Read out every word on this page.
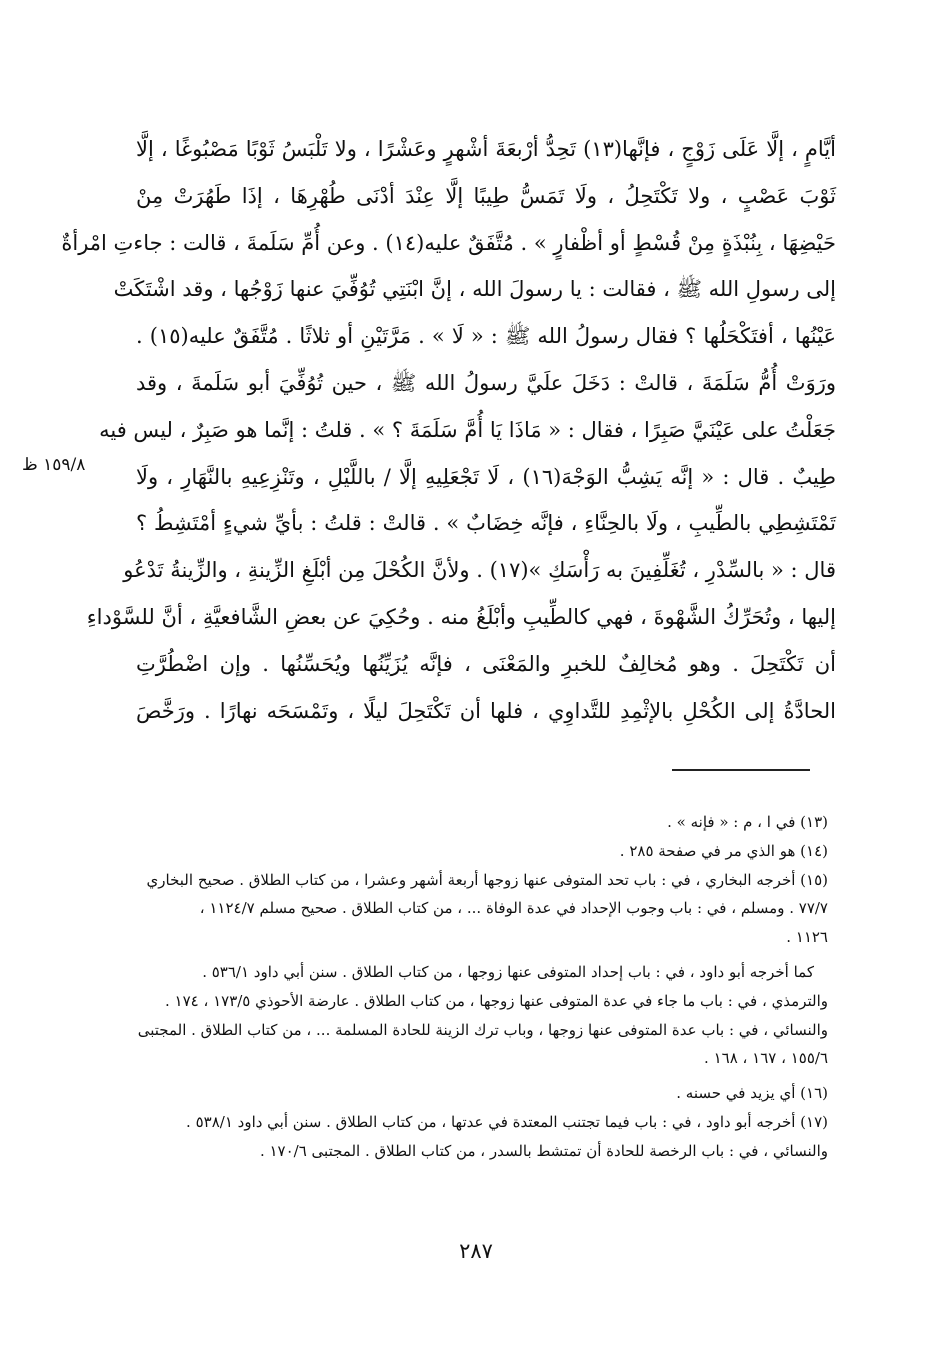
أيَّامٍ ، إلَّا عَلَى زَوْجٍ ، فإنَّها(١٣) تَحِدُّ أرْبعَةَ أشْهرٍ وعَشْرًا ، ولا تَلْبَسُ ثَوْبًا مَصْبُوغًا ، إلَّا
ثَوْبَ عَصْبٍ ، ولا تَكْتَحِلُ ، ولَا تَمَسُّ طِيبًا إلَّا عِنْدَ أدْنَى طُهْرِهَا ، إذَا طَهُرَتْ مِنْ
حَيْضِهَا ، بِنُبْذَةٍ مِنْ قُسْطٍ أو أظْفارٍ » . مُتَّفَقٌ عليه(١٤) . وعن أُمِّ سَلَمةَ ، قالت : جاءتِ امْرأةٌ
إلى رسولِ الله ﷺ ، فقالت : يا رسولَ الله ، إنَّ ابْنَتِي تُوُفِّيَ عنها زَوْجُها ، وقد اشْتَكَتْ
عَيْنُها ، أفتَكْحَلُها ؟ فقال رسولُ الله ﷺ : « لَا » . مَرَّتَيْنِ أو ثلاثًا . مُتَّفَقٌ عليه(١٥) .
ورَوَتْ أُمُّ سَلَمَةَ ، قالتْ : دَخَلَ علَيَّ رسولُ الله ﷺ ، حين تُوُفِّيَ أبو سَلَمةَ ، وقد
جَعَلْتُ على عَيْنَيَّ صَبِرًا ، فقال : « مَاذَا يَا أُمَّ سَلَمَةَ ؟ » . قلتُ : إنَّما هو صَبِرٌ ، ليس فيه
طِيبٌ . قال : « إنَّه يَشِبُّ الوَجْهَ(١٦) ، لَا تَجْعَلِيهِ إلَّا / باللَّيْلِ ، وتَنْزِعِيهِ بالنَّهَارِ ، ولَا
تَمْتَشِطِي بالطِّيبِ ، ولَا بالحِنَّاءِ ، فإنَّه خِضَابٌ » . قالتْ : قلتُ : بأيِّ شيءٍ أمْتَشِطُ ؟
قال : « بالسِّدْرِ ، تُغَلِّفِينَ به رَأْسَكِ »(١٧) . ولأنَّ الكُحْلَ مِن أبْلَغِ الزِّينةِ ، والزِّينةُ تَدْعُو
إليها ، وتُحَرِّكُ الشَّهْوةَ ، فهي كالطِّيبِ وأبْلَغُ منه . وحُكِيَ عن بعضِ الشَّافعيَّةِ ، أنَّ للسَّوْداءِ
أن تَكْتَحِلَ . وهو مُخالِفٌ للخبرِ والمَعْنَى ، فإنَّه يُزَيِّنُها ويُحَسِّنُها . وإن اضْطُرَّتِ
الحادَّةُ إلى الكُحْلِ بالإثْمِدِ للتَّداوِي ، فلها أن تَكْتَحِلَ ليلًا ، وتَمْسَحَه نهارًا . ورَخَّصَ
١٥٩/٨ ظ
(١٣) في ا ، م : « فإنه » .
(١٤) هو الذي مر في صفحة ٢٨٥ .
(١٥) أخرجه البخاري ، في : باب تحد المتوفى عنها زوجها أربعة أشهر وعشرا ، من كتاب الطلاق . صحيح البخاري
٧٧/٧ . ومسلم ، في : باب وجوب الإحداد في عدة الوفاة ... ، من كتاب الطلاق . صحيح مسلم ١١٢٤/٧ ،
١١٢٦ .
كما أخرجه أبو داود ، في : باب إحداد المتوفى عنها زوجها ، من كتاب الطلاق . سنن أبي داود ٥٣٦/١ .
والترمذي ، في : باب ما جاء في عدة المتوفى عنها زوجها ، من كتاب الطلاق . عارضة الأحوذي ١٧٣/٥ ، ١٧٤ .
والنسائي ، في : باب عدة المتوفى عنها زوجها ، وباب ترك الزينة للحادة المسلمة ... ، من كتاب الطلاق . المجتبى
١٥٥/٦ ، ١٦٧ ، ١٦٨ .
(١٦) أي يزيد في حسنه .
(١٧) أخرجه أبو داود ، في : باب فيما تجتنب المعتدة في عدتها ، من كتاب الطلاق . سنن أبي داود ٥٣٨/١ .
والنسائي ، في : باب الرخصة للحادة أن تمتشط بالسدر ، من كتاب الطلاق . المجتبى ١٧٠/٦ .
٢٨٧
